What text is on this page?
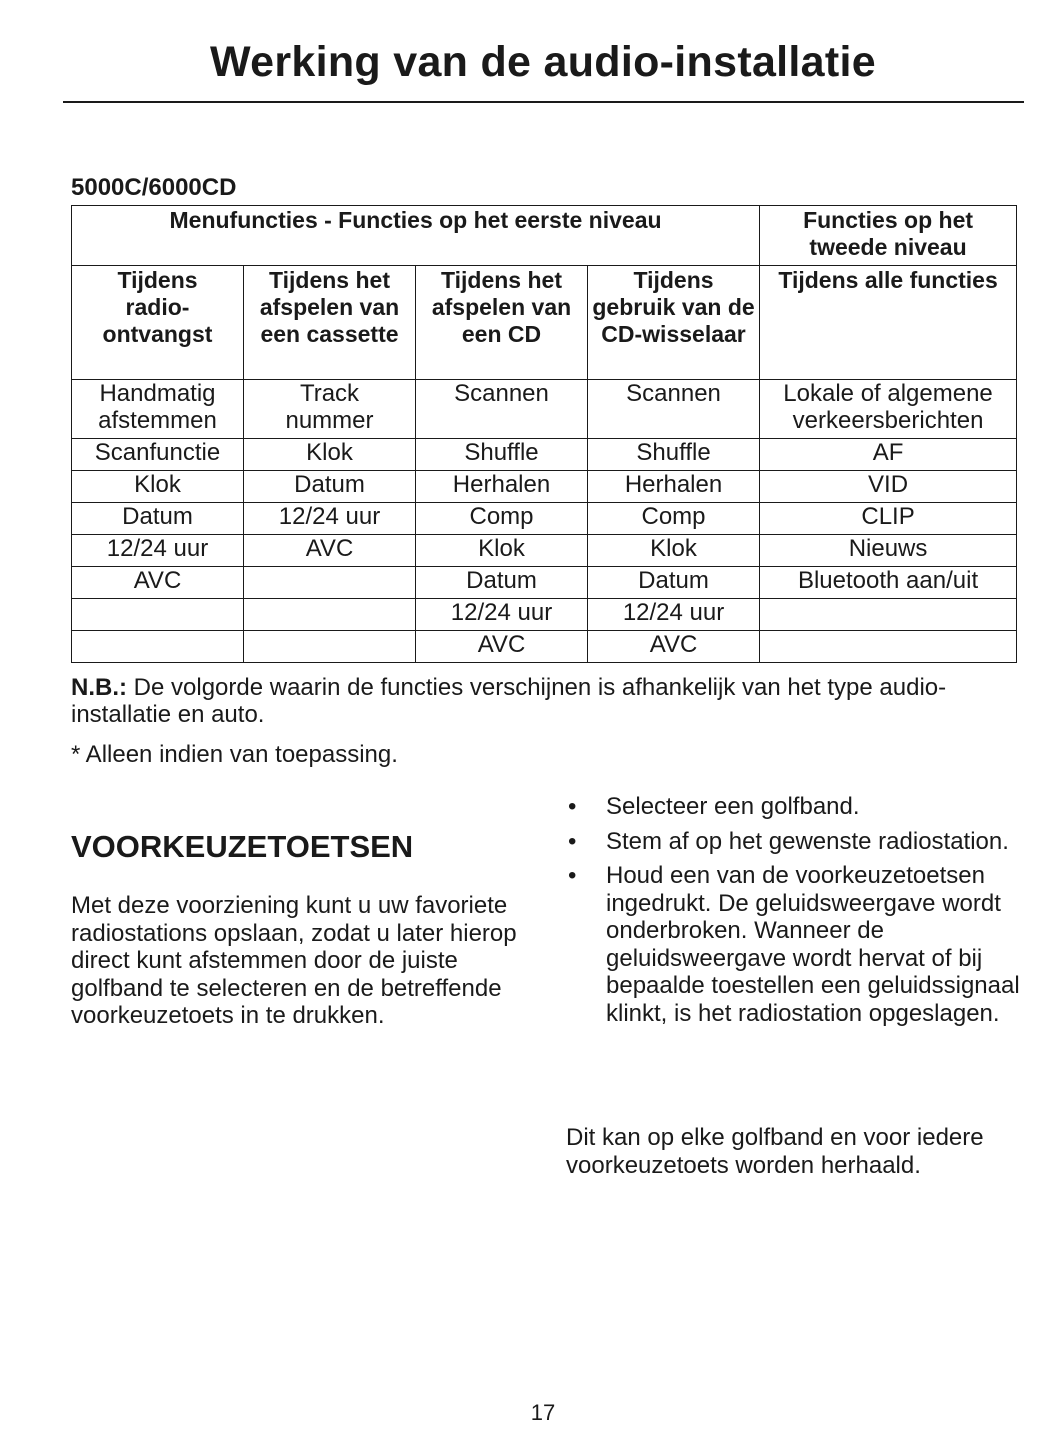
Werking van de audio-installatie

5000C/6000CD

Menufuncties - Functies op het eerste niveau				Functies op het tweede niveau
Tijdens radio-ontvangst	Tijdens het afspelen van een cassette	Tijdens het afspelen van een CD	Tijdens gebruik van de CD-wisselaar	Tijdens alle functies
Handmatig afstemmen	Track nummer	Scannen	Scannen	Lokale of algemene verkeersberichten
Scanfunctie	Klok	Shuffle	Shuffle	AF
Klok	Datum	Herhalen	Herhalen	VID
Datum	12/24 uur	Comp	Comp	CLIP
12/24 uur	AVC	Klok	Klok	Nieuws
AVC		Datum	Datum	Bluetooth aan/uit
		12/24 uur	12/24 uur	
		AVC	AVC	

N.B.: De volgorde waarin de functies verschijnen is afhankelijk van het type audio-installatie en auto.

* Alleen indien van toepassing.

VOORKEUZETOETSEN

Met deze voorziening kunt u uw favoriete radiostations opslaan, zodat u later hierop direct kunt afstemmen door de juiste golfband te selecteren en de betreffende voorkeuzetoets in te drukken.

• Selecteer een golfband.
• Stem af op het gewenste radiostation.
• Houd een van de voorkeuzetoetsen ingedrukt. De geluidsweergave wordt onderbroken. Wanneer de geluidsweergave wordt hervat of bij bepaalde toestellen een geluidssignaal klinkt, is het radiostation opgeslagen.

Dit kan op elke golfband en voor iedere voorkeuzetoets worden herhaald.

17
